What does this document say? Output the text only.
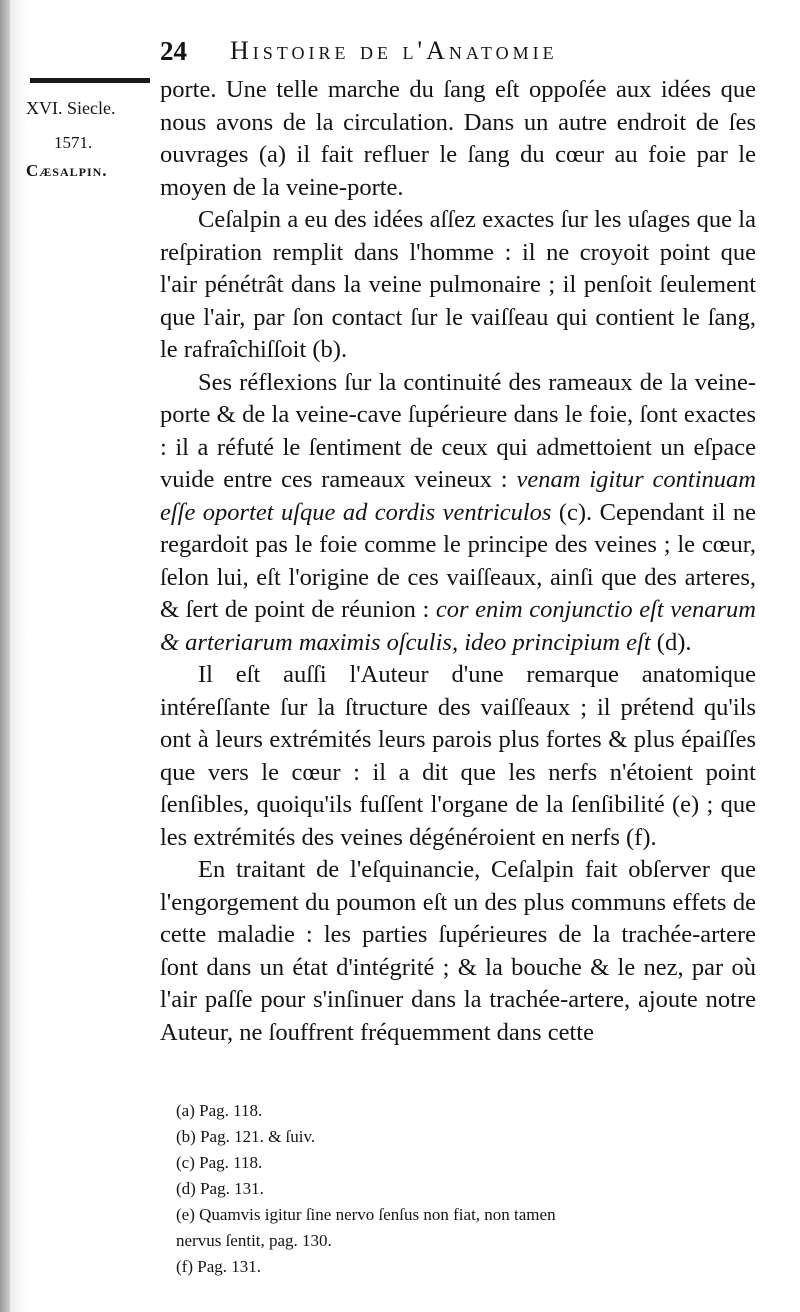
24 Histoire de l'Anatomie
XVI. Siecle.
1571.
Cæsalpin.

porte. Une telle marche du ſang eſt oppoſée aux idées que nous avons de la circulation. Dans un autre endroit de ſes ouvrages (a) il fait refluer le ſang du cœur au foie par le moyen de la veine-porte.

Ceſalpin a eu des idées aſſez exactes ſur les uſages que la reſpiration remplit dans l'homme : il ne croyoit point que l'air pénétrât dans la veine pulmonaire ; il penſoit ſeulement que l'air, par ſon contact ſur le vaiſſeau qui contient le ſang, le rafraîchiſſoit (b).

Ses réflexions ſur la continuité des rameaux de la veine-porte & de la veine-cave ſupérieure dans le foie, ſont exactes : il a réfuté le ſentiment de ceux qui admettoient un eſpace vuide entre ces rameaux veineux : venam igitur continuam eſſe oportet uſque ad cordis ventriculos (c). Cependant il ne regardoit pas le foie comme le principe des veines ; le cœur, ſelon lui, eſt l'origine de ces vaiſſeaux, ainſi que des arteres, & ſert de point de réunion : cor enim conjunctio eſt venarum & arteriarum maximis oſculis, ideo principium eſt (d).

Il eſt auſſi l'Auteur d'une remarque anatomique intéreſſante ſur la ſtructure des vaiſſeaux ; il prétend qu'ils ont à leurs extrémités leurs parois plus fortes & plus épaiſſes que vers le cœur : il a dit que les nerfs n'étoient point ſenſibles, quoiqu'ils fuſſent l'organe de la ſenſibilité (e) ; que les extrémités des veines dégénéroient en nerfs (f).

En traitant de l'eſquinancie, Ceſalpin fait obſerver que l'engorgement du poumon eſt un des plus communs effets de cette maladie : les parties ſupérieures de la trachée-artere ſont dans un état d'intégrité ; & la bouche & le nez, par où l'air paſſe pour s'inſinuer dans la trachée-artere, ajoute notre Auteur, ne ſouffrent fréquemment dans cette

(a) Pag. 118.
(b) Pag. 121. & ſuiv.
(c) Pag. 118.
(d) Pag. 131.
(e) Quamvis igitur ſine nervo ſenſus non fiat, non tamen
nervus ſentit, pag. 130.
(f) Pag. 131.
